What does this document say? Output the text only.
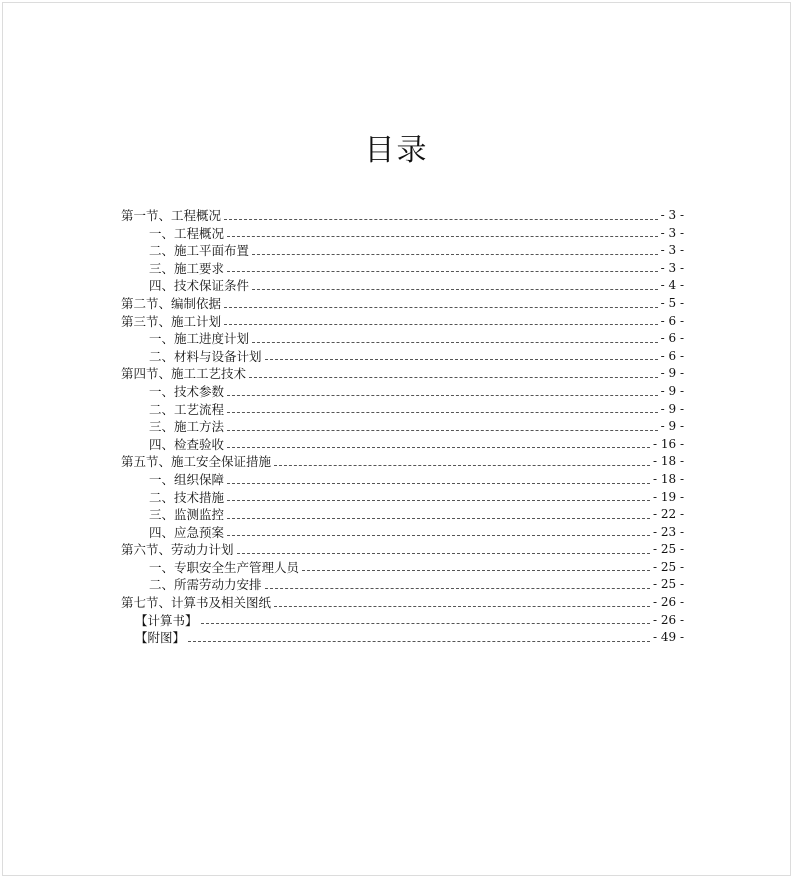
目录
第一节、工程概况	- 3 -
一、工程概况	- 3 -
二、施工平面布置	- 3 -
三、施工要求	- 3 -
四、技术保证条件	- 4 -
第二节、编制依据	- 5 -
第三节、施工计划	- 6 -
一、施工进度计划	- 6 -
二、材料与设备计划	- 6 -
第四节、施工工艺技术	- 9 -
一、技术参数	- 9 -
二、工艺流程	- 9 -
三、施工方法	- 9 -
四、检查验收	- 16 -
第五节、施工安全保证措施	- 18 -
一、组织保障	- 18 -
二、技术措施	- 19 -
三、监测监控	- 22 -
四、应急预案	- 23 -
第六节、劳动力计划	- 25 -
一、专职安全生产管理人员	- 25 -
二、所需劳动力安排	- 25 -
第七节、计算书及相关图纸	- 26 -
【计算书】	- 26 -
【附图】	- 49 -
